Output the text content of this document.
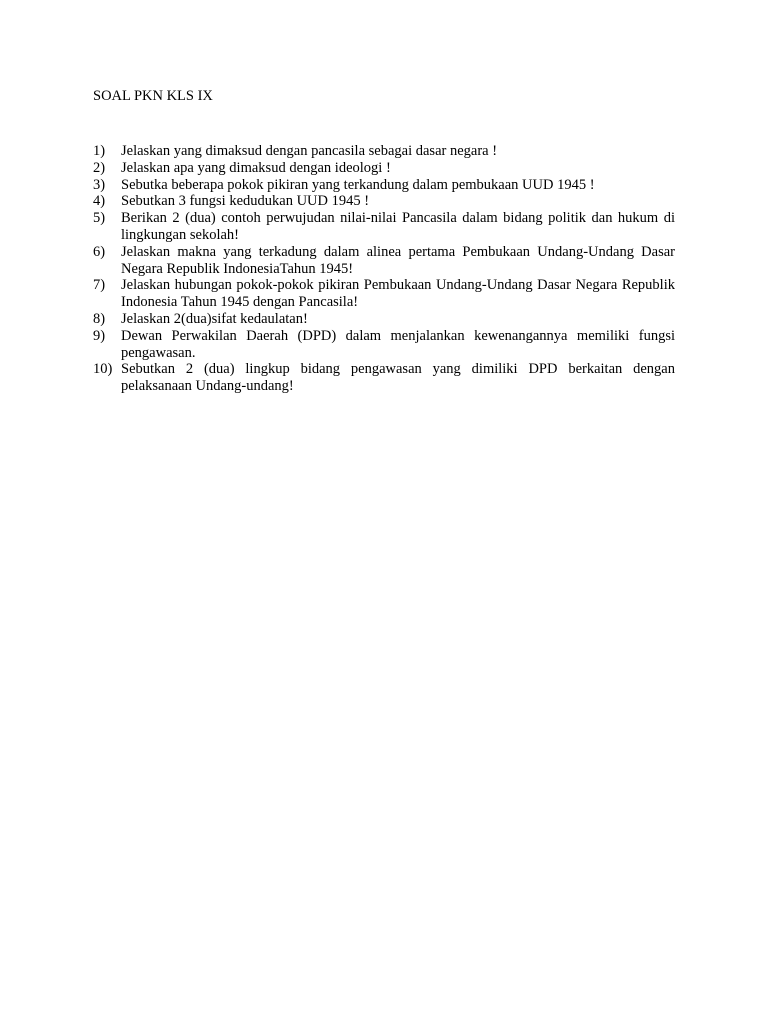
SOAL PKN KLS IX
1)	Jelaskan yang dimaksud dengan pancasila sebagai dasar negara !
2)	Jelaskan apa yang dimaksud dengan ideologi !
3)	Sebutka beberapa pokok pikiran yang terkandung dalam pembukaan UUD 1945 !
4)	Sebutkan 3 fungsi kedudukan UUD 1945 !
5)	Berikan 2 (dua) contoh perwujudan nilai-nilai Pancasila dalam bidang politik dan hukum di lingkungan sekolah!
6)	Jelaskan makna yang terkadung dalam alinea pertama Pembukaan Undang-Undang Dasar Negara Republik IndonesiaTahun 1945!
7)	Jelaskan hubungan pokok-pokok pikiran Pembukaan Undang-Undang Dasar Negara Republik Indonesia Tahun 1945 dengan Pancasila!
8)	Jelaskan 2(dua)sifat kedaulatan!
9)	Dewan Perwakilan Daerah (DPD) dalam menjalankan kewenangannya memiliki fungsi pengawasan.
10) Sebutkan 2 (dua) lingkup bidang pengawasan yang dimiliki DPD berkaitan dengan pelaksanaan Undang-undang!
